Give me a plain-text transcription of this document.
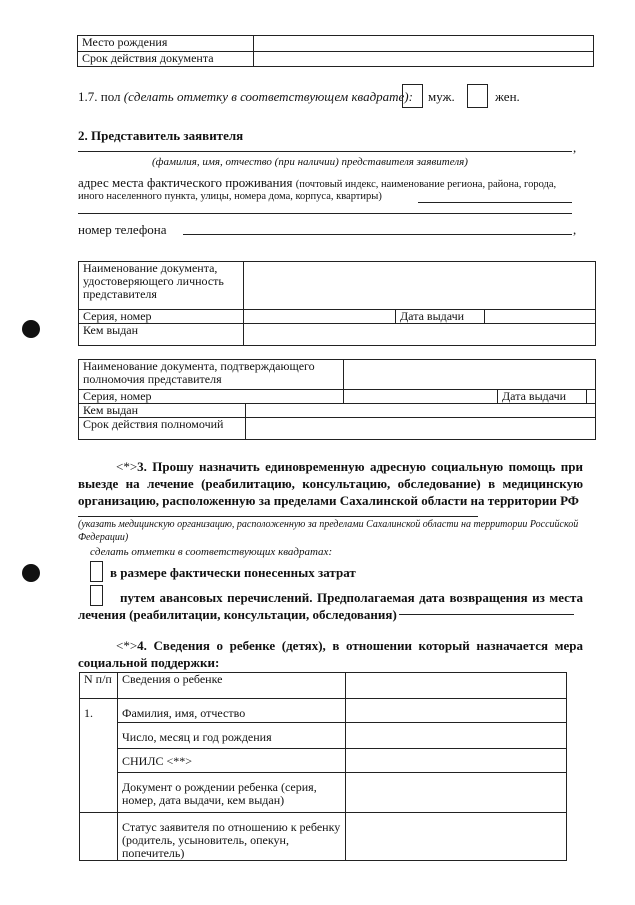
Место рождения	
Срок действия документа	
1.7. пол (сделать отметку в соответствующем квадрате): муж.	жен.
2. Представитель заявителя
,
(фамилия, имя, отчество (при наличии) представителя заявителя)
адрес места фактического проживания (почтовый индекс, наименование региона, района, города,
иного населенного пункта, улицы, номера дома, корпуса, квартиры)
номер телефона	,
Наименование документа, удостоверяющего личность представителя			
Серия, номер		Дата выдачи	
Кем выдан			
Наименование документа, подтверждающего полномочия представителя				
Серия, номер			Дата выдачи	
Кем выдан				
Срок действия полномочий				
<*>3. Прошу назначить единовременную адресную социальную помощь при выезде на лечение (реабилитацию, консультацию, обследование) в медицинскую организацию, расположенную за пределами Сахалинской области на территории РФ
(указать медицинскую организацию, расположенную за пределами Сахалинской области на территории Российской Федерации)
сделать отметки в соответствующих квадратах:
в размере фактически понесенных затрат
путем авансовых перечислений. Предполагаемая дата возвращения из места лечения (реабилитации, консультации, обследования)
<*>4. Сведения о ребенке (детях), в отношении который назначается мера социальной поддержки:
N п/п	Сведения о ребенке	
1.	Фамилия, имя, отчество	
	Число, месяц и год рождения	
	СНИЛС <**>	
	Документ о рождении ребенка (серия, номер, дата выдачи, кем выдан)	
	Статус заявителя по отношению к ребенку (родитель, усыновитель, опекун, попечитель)	
